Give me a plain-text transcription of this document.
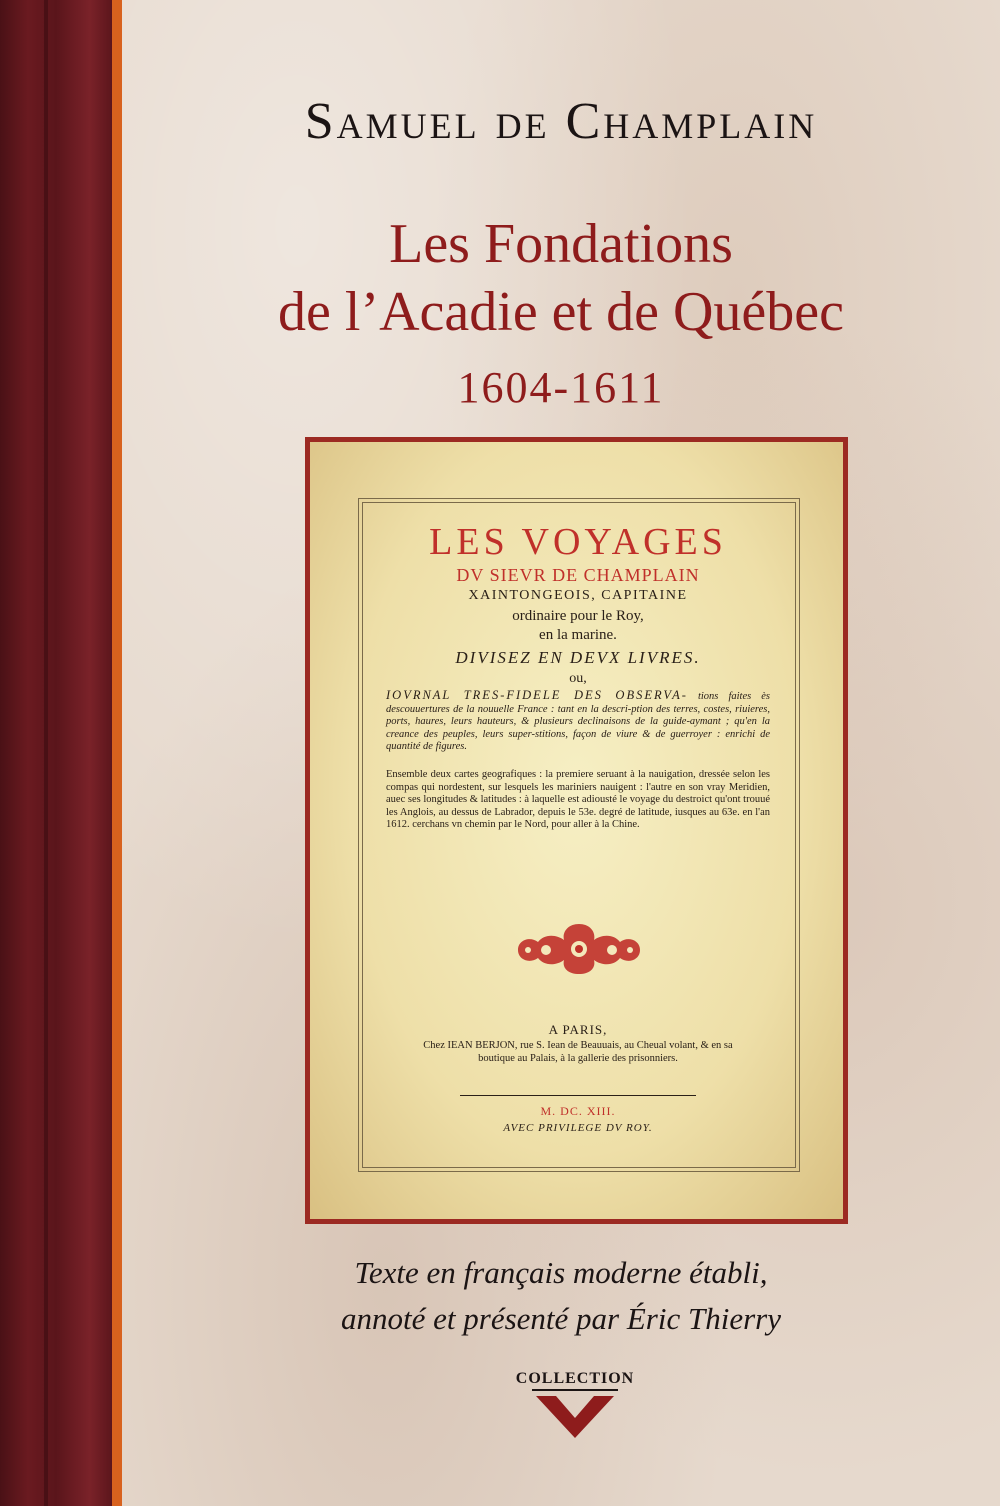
Samuel de Champlain
Les Fondations
de l’Acadie et de Québec
1604-1611
LES VOYAGES
DV SIEVR DE CHAMPLAIN
XAINTONGEOIS, CAPITAINE
ordinaire pour le Roy,
en la marine.
DIVISEZ EN DEVX LIVRES.
ou,
IOVRNAL TRES-FIDELE DES OBSERVA- tions faites ès descouuertures de la nouuelle France : tant en la descri-ption des terres, costes, riuieres, ports, haures, leurs hauteurs, & plusieurs declinaisons de la guide-aymant ; qu'en la creance des peuples, leurs super-stitions, façon de viure & de guerroyer : enrichi de quantité de figures.
Ensemble deux cartes geografiques : la premiere seruant à la nauigation, dressée selon les compas qui nordestent, sur lesquels les mariniers nauigent : l'autre en son vray Meridien, auec ses longitudes & latitudes : à laquelle est adiousté le voyage du destroict qu'ont trouué les Anglois, au dessus de Labrador, depuis le 53e. degré de latitude, iusques au 63e. en l'an 1612. cerchans vn chemin par le Nord, pour aller à la Chine.
A PARIS,
Chez IEAN BERJON, rue S. Iean de Beauuais, au Cheual volant, & en sa boutique au Palais, à la gallerie des prisonniers.
M. DC. XIII.
AVEC PRIVILEGE DV ROY.
Texte en français moderne établi,
annoté et présenté par Éric Thierry
COLLECTION
